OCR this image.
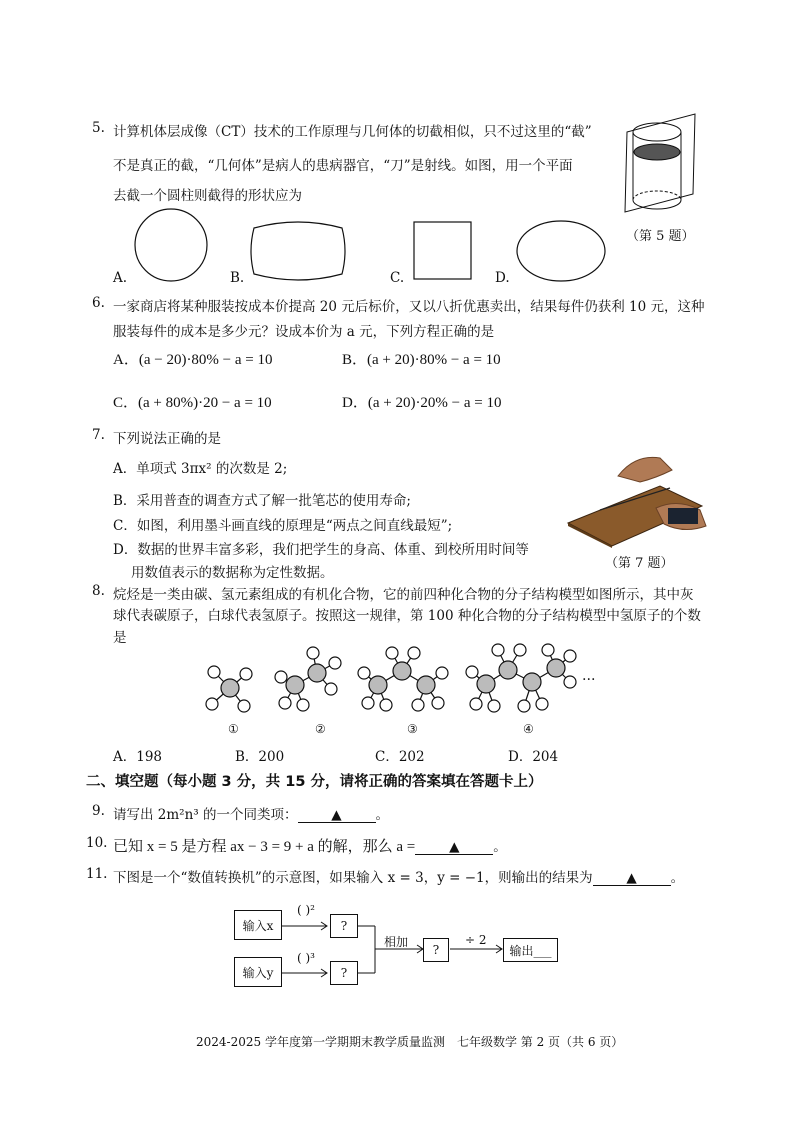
5. 计算机体层成像（CT）技术的工作原理与几何体的切截相似，只不过这里的“截”
不是真正的截，“几何体”是病人的患病器官，“刀”是射线。如图，用一个平面
去截一个圆柱则截得的形状应为
（第 5 题）
A.	B.	C.	D.
6. 一家商店将某种服装按成本价提高 20 元后标价，又以八折优惠卖出，结果每件仍获利 10 元，这种
服装每件的成本是多少元？设成本价为 a 元，下列方程正确的是
A．(a − 20)·80% − a = 10	B．(a + 20)·80% − a = 10
C．(a + 80%)·20 − a = 10	D．(a + 20)·20% − a = 10
7. 下列说法正确的是
A．单项式 3πx² 的次数是 2;
B．采用普查的调查方式了解一批笔芯的使用寿命;
C．如图，利用墨斗画直线的原理是“两点之间直线最短”;
D．数据的世界丰富多彩，我们把学生的身高、体重、到校所用时间等
用数值表示的数据称为定性数据。
（第 7 题）
8. 烷烃是一类由碳、氢元素组成的有机化合物，它的前四种化合物的分子结构模型如图所示，其中灰
球代表碳原子，白球代表氢原子。按照这一规律，第 100 种化合物的分子结构模型中氢原子的个数
是
…
①	②	③	④
A．198	B．200	C．202	D．204
二、填空题（每小题 3 分，共 15 分，请将正确的答案填在答题卡上）
9. 请写出 2m²n³ 的一个同类项：	▲	。
10. 已知 x = 5 是方程 ax − 3 = 9 + a 的解，那么 a =	▲	。
11. 下图是一个“数值转换机”的示意图，如果输入 x = 3，y = −1，则输出的结果为	▲	。
输入x
输入y
( )²
( )³
?
?
相加
?
÷ 2
输出___
2024-2025 学年度第一学期期末教学质量监测　七年级数学 第 2 页（共 6 页）
